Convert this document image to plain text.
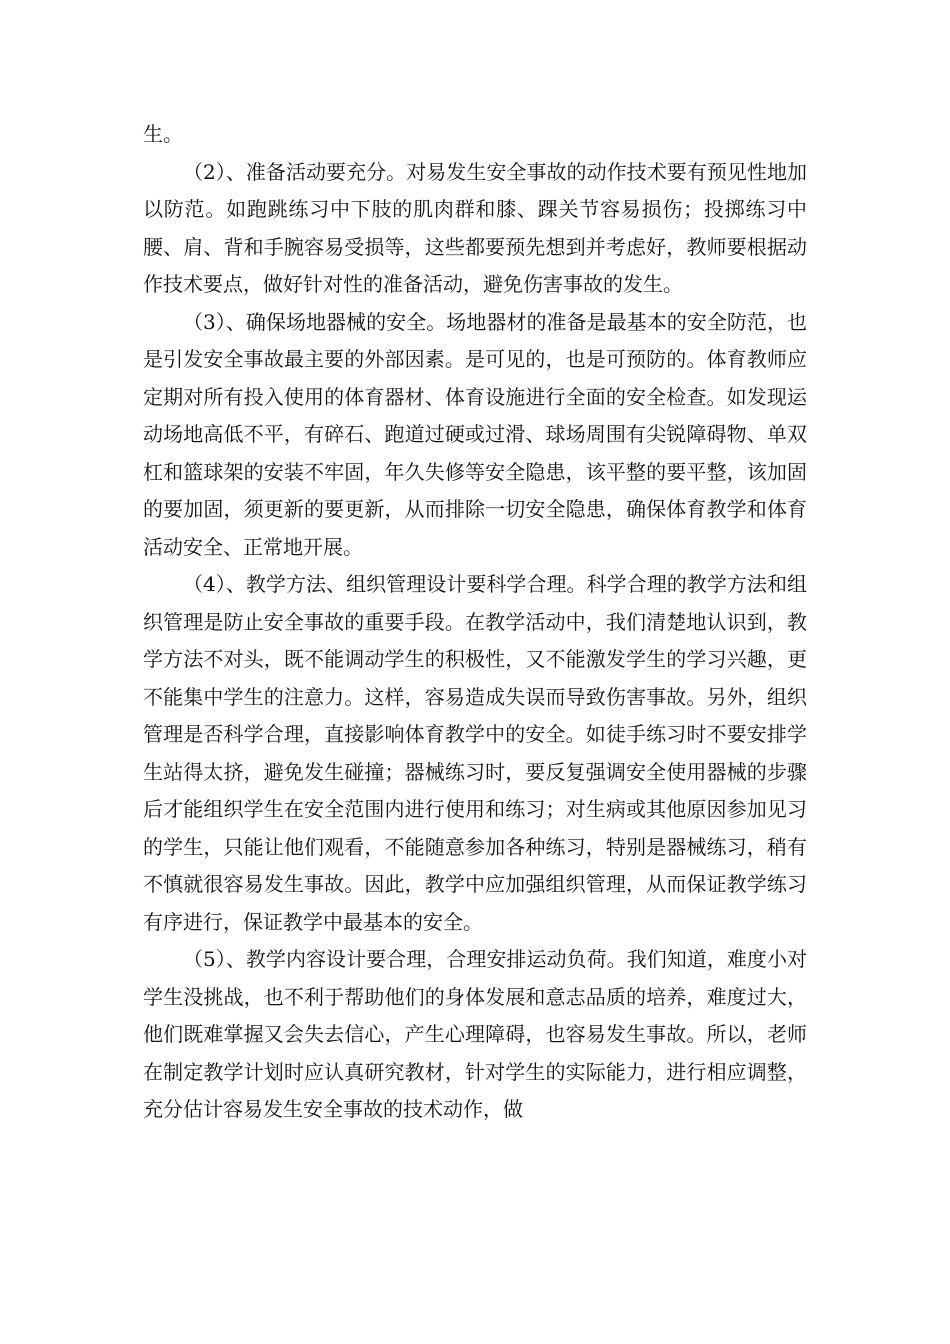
生。

（2）、准备活动要充分。对易发生安全事故的动作技术要有预见性地加以防范。如跑跳练习中下肢的肌肉群和膝、踝关节容易损伤；投掷练习中腰、肩、背和手腕容易受损等，这些都要预先想到并考虑好，教师要根据动作技术要点，做好针对性的准备活动，避免伤害事故的发生。

（3）、确保场地器械的安全。场地器材的准备是最基本的安全防范，也是引发安全事故最主要的外部因素。是可见的，也是可预防的。体育教师应定期对所有投入使用的体育器材、体育设施进行全面的安全检查。如发现运动场地高低不平，有碎石、跑道过硬或过滑、球场周围有尖锐障碍物、单双杠和篮球架的安装不牢固，年久失修等安全隐患，该平整的要平整，该加固的要加固，须更新的要更新，从而排除一切安全隐患，确保体育教学和体育活动安全、正常地开展。

（4）、教学方法、组织管理设计要科学合理。科学合理的教学方法和组织管理是防止安全事故的重要手段。在教学活动中，我们清楚地认识到，教学方法不对头，既不能调动学生的积极性，又不能激发学生的学习兴趣，更不能集中学生的注意力。这样，容易造成失误而导致伤害事故。另外，组织管理是否科学合理，直接影响体育教学中的安全。如徒手练习时不要安排学生站得太挤，避免发生碰撞；器械练习时，要反复强调安全使用器械的步骤后才能组织学生在安全范围内进行使用和练习；对生病或其他原因参加见习的学生，只能让他们观看，不能随意参加各种练习，特别是器械练习，稍有不慎就很容易发生事故。因此，教学中应加强组织管理，从而保证教学练习有序进行，保证教学中最基本的安全。

（5）、教学内容设计要合理，合理安排运动负荷。我们知道，难度小对学生没挑战，也不利于帮助他们的身体发展和意志品质的培养，难度过大，他们既难掌握又会失去信心，产生心理障碍，也容易发生事故。所以，老师在制定教学计划时应认真研究教材，针对学生的实际能力，进行相应调整，充分估计容易发生安全事故的技术动作，做
